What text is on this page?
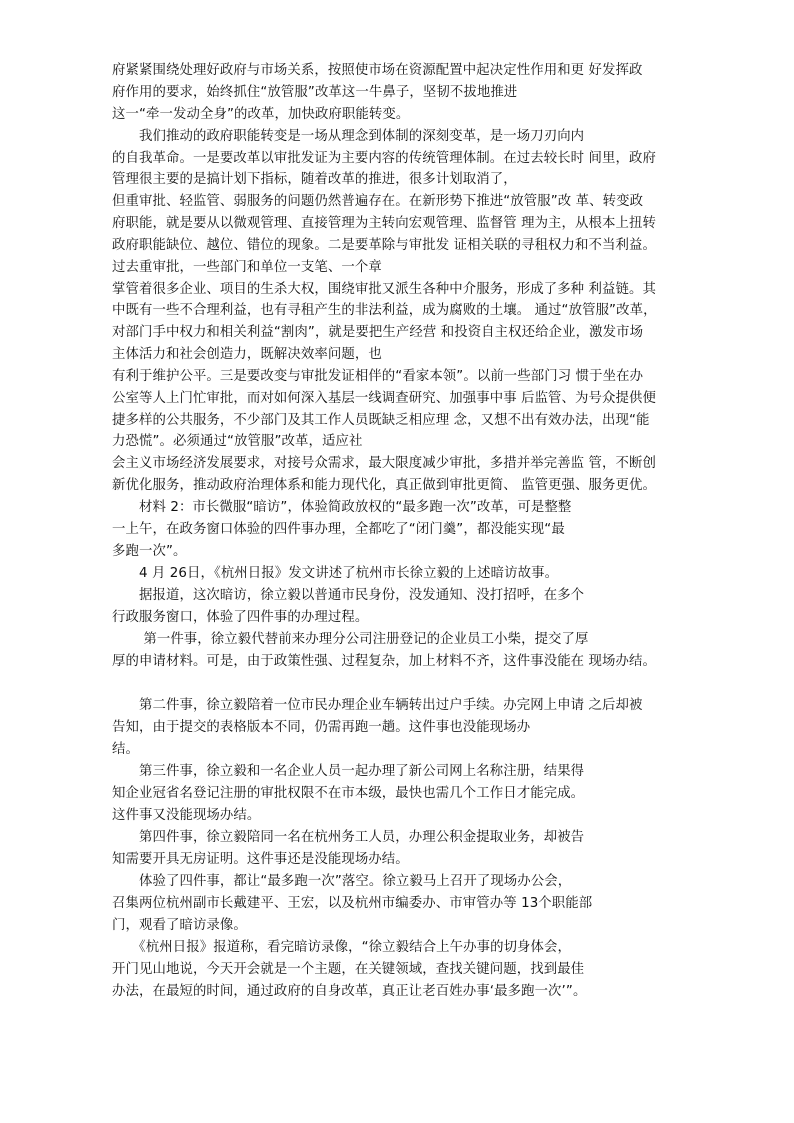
府紧紧围绕处理好政府与市场关系，按照使市场在资源配置中起决定性作用和更 好发挥政
府作用的要求，始终抓住“放管服”改革这一牛鼻子，坚韧不拔地推进
这一“牵一发动全身”的改革，加快政府职能转变。
　　我们推动的政府职能转变是一场从理念到体制的深刻变革，是一场刀刃向内
的自我革命。一是要改革以审批发证为主要内容的传统管理体制。在过去较长时 间里，政府
管理很主要的是搞计划下指标，随着改革的推进，很多计划取消了，
但重审批、轻监管、弱服务的问题仍然普遍存在。在新形势下推进“放管服”改 革、转变政
府职能，就是要从以微观管理、直接管理为主转向宏观管理、监督管 理为主，从根本上扭转
政府职能缺位、越位、错位的现象。二是要革除与审批发 证相关联的寻租权力和不当利益。
过去重审批，一些部门和单位一支笔、一个章
掌管着很多企业、项目的生杀大权，围绕审批又派生各种中介服务，形成了多种 利益链。其
中既有一些不合理利益，也有寻租产生的非法利益，成为腐败的土壤。 通过“放管服”改革，
对部门手中权力和相关利益“割肉”，就是要把生产经营 和投资自主权还给企业，激发市场
主体活力和社会创造力，既解决效率问题，也
有利于维护公平。三是要改变与审批发证相伴的“看家本领”。以前一些部门习 惯于坐在办
公室等人上门忙审批，而对如何深入基层一线调查研究、加强事中事 后监管、为号众提供便
捷多样的公共服务，不少部门及其工作人员既缺乏相应理 念，又想不出有效办法，出现“能
力恐慌”。必须通过“放管服”改革，适应社
会主义市场经济发展要求，对接号众需求，最大限度减少审批，多措并举完善监 管，不断创
新优化服务，推动政府治理体系和能力现代化，真正做到审批更简、 监管更强、服务更优。
　　材料 2：市长微服“暗访”，体验简政放权的“最多跑一次”改革，可是整整
一上午，在政务窗口体验的四件事办理，全都吃了“闭门羹”，都没能实现“最
多跑一次”。
　　4 月 26日，《杭州日报》发文讲述了杭州市长徐立毅的上述暗访故事。
　　据报道，这次暗访，徐立毅以普通市民身份，没发通知、没打招呼，在多个
行政服务窗口，体验了四件事的办理过程。
　　 第一件事，徐立毅代替前来办理分公司注册登记的企业员工小柴，提交了厚
厚的申请材料。可是，由于政策性强、过程复杂，加上材料不齐，这件事没能在 现场办结。
　　第二件事，徐立毅陪着一位市民办理企业车辆转出过户手续。办完网上申请 之后却被
告知，由于提交的表格版本不同，仍需再跑一趟。这件事也没能现场办
结。
　　第三件事，徐立毅和一名企业人员一起办理了新公司网上名称注册，结果得
知企业冠省名登记注册的审批权限不在市本级，最快也需几个工作日才能完成。
这件事又没能现场办结。
　　第四件事，徐立毅陪同一名在杭州务工人员，办理公积金提取业务，却被告
知需要开具无房证明。这件事还是没能现场办结。
　　体验了四件事，都让“最多跑一次”落空。徐立毅马上召开了现场办公会，
召集两位杭州副市长戴建平、王宏，以及杭州市编委办、市审管办等 13个职能部
门，观看了暗访录像。
　　《杭州日报》报道称，看完暗访录像，“徐立毅结合上午办事的切身体会，
开门见山地说，今天开会就是一个主题，在关键领域，查找关键问题，找到最佳
办法，在最短的时间，通过政府的自身改革，真正让老百姓办事‘最多跑一次’”。
